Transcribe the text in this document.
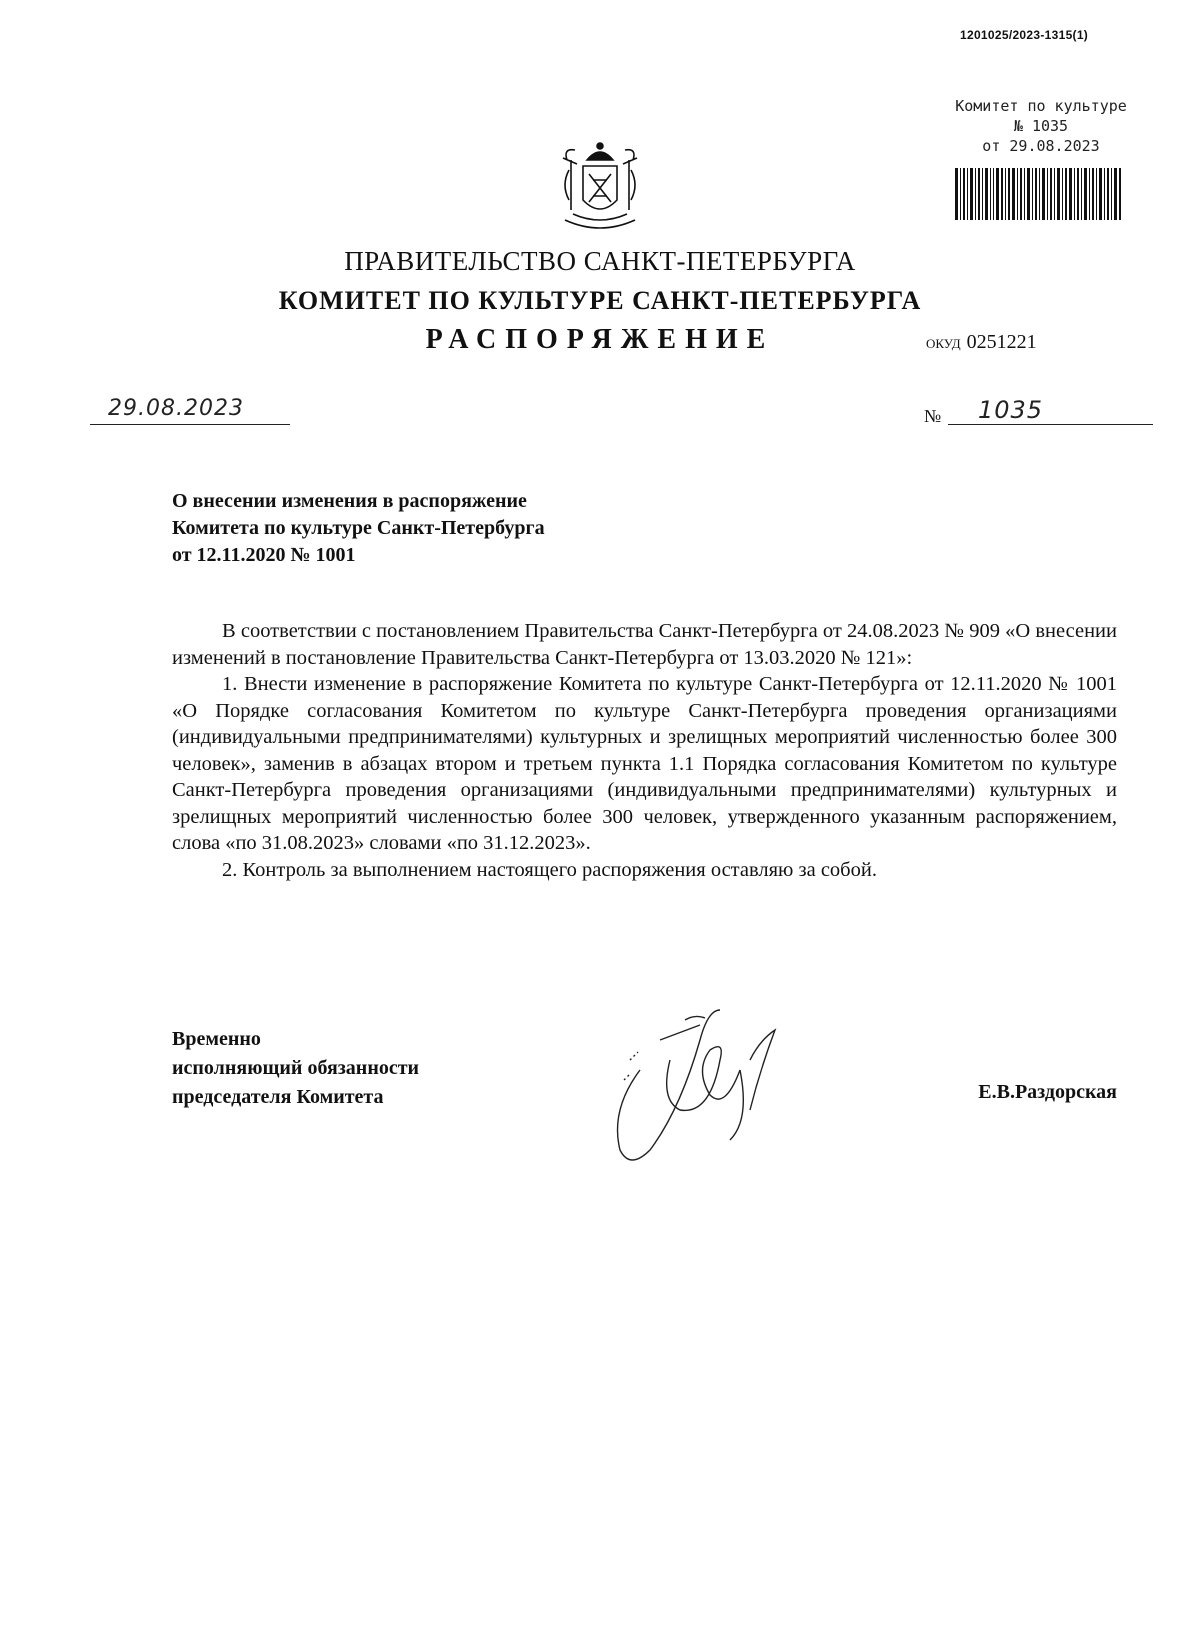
1201025/2023-1315(1)
Комитет по культуре
№ 1035
от 29.08.2023
ПРАВИТЕЛЬСТВО САНКТ-ПЕТЕРБУРГА
КОМИТЕТ ПО КУЛЬТУРЕ САНКТ-ПЕТЕРБУРГА
РАСПОРЯЖЕНИЕ	ОКУД 0251221
29.08.2023	№ 1035
О внесении изменения в распоряжение
Комитета по культуре Санкт-Петербурга
от 12.11.2020 № 1001

В соответствии с постановлением Правительства Санкт-Петербурга от 24.08.2023 № 909 «О внесении изменений в постановление Правительства Санкт-Петербурга от 13.03.2020 № 121»:

1. Внести изменение в распоряжение Комитета по культуре Санкт-Петербурга от 12.11.2020 № 1001 «О Порядке согласования Комитетом по культуре Санкт-Петербурга проведения организациями (индивидуальными предпринимателями) культурных и зрелищных мероприятий численностью более 300 человек», заменив в абзацах втором и третьем пункта 1.1 Порядка согласования Комитетом по культуре Санкт-Петербурга проведения организациями (индивидуальными предпринимателями) культурных и зрелищных мероприятий численностью более 300 человек, утвержденного указанным распоряжением, слова «по 31.08.2023» словами «по 31.12.2023».

2. Контроль за выполнением настоящего распоряжения оставляю за собой.

Временно
исполняющий обязанности
председателя Комитета	Е.В.Раздорская
